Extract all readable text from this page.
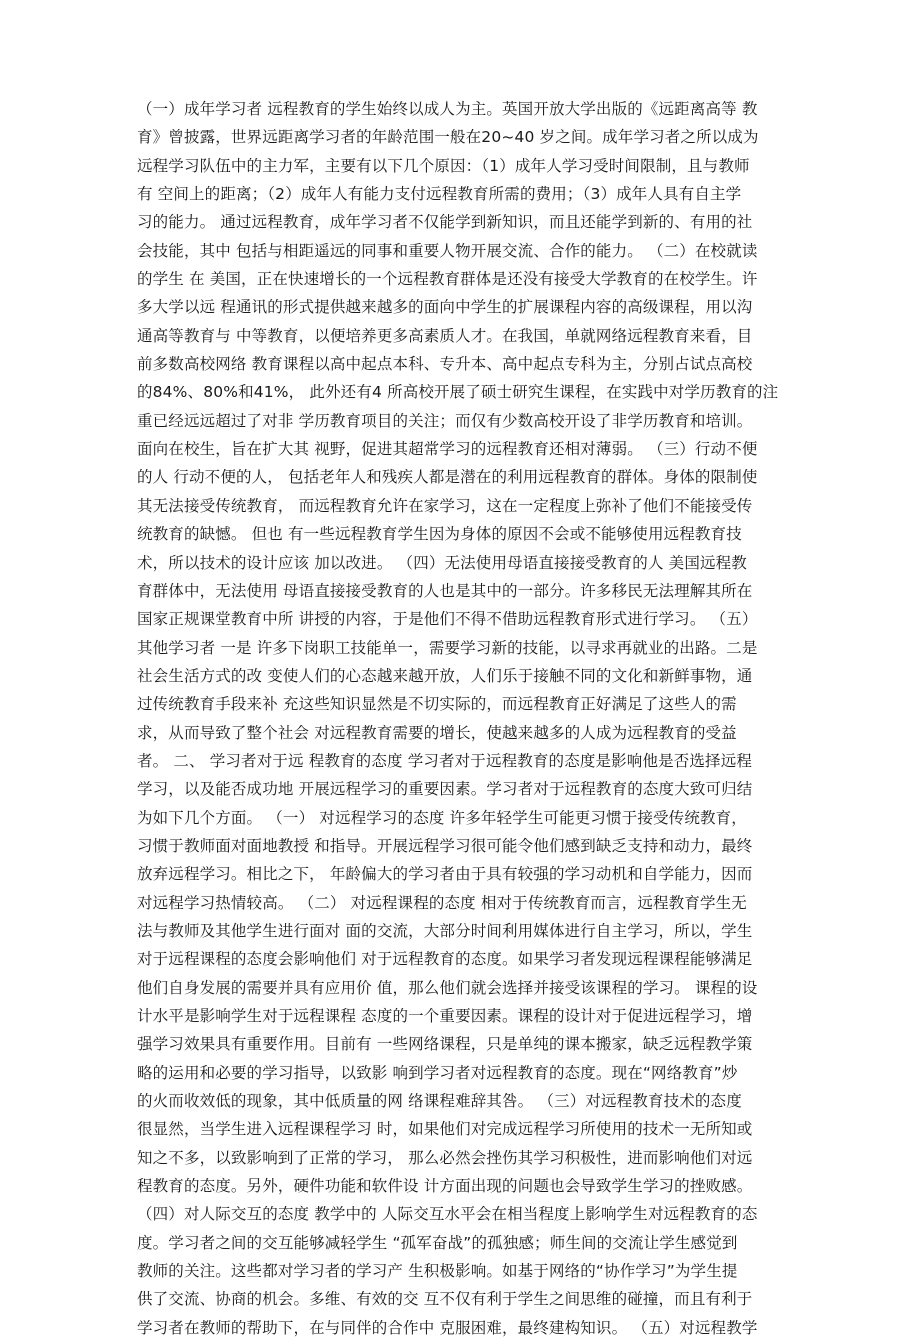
（一）成年学习者 远程教育的学生始终以成人为主。英国开放大学出版的《远距离高等 教
育》曾披露，世界远距离学习者的年龄范围一般在20~40 岁之间。成年学习者之所以成为
远程学习队伍中的主力军，主要有以下几个原因：（1）成年人学习受时间限制，且与教师
有 空间上的距离；（2）成年人有能力支付远程教育所需的费用；（3）成年人具有自主学
习的能力。 通过远程教育，成年学习者不仅能学到新知识，而且还能学到新的、有用的社
会技能，其中 包括与相距遥远的同事和重要人物开展交流、合作的能力。 （二）在校就读
的学生 在 美国，正在快速增长的一个远程教育群体是还没有接受大学教育的在校学生。许
多大学以远 程通讯的形式提供越来越多的面向中学生的扩展课程内容的高级课程，用以沟
通高等教育与 中等教育，以便培养更多高素质人才。在我国，单就网络远程教育来看，目
前多数高校网络 教育课程以高中起点本科、专升本、高中起点专科为主，分别占试点高校
的84%、80%和41%， 此外还有4 所高校开展了硕士研究生课程，在实践中对学历教育的注
重已经远远超过了对非 学历教育项目的关注；而仅有少数高校开设了非学历教育和培训。
面向在校生，旨在扩大其 视野，促进其超常学习的远程教育还相对薄弱。 （三）行动不便
的人 行动不便的人， 包括老年人和残疾人都是潜在的利用远程教育的群体。身体的限制使
其无法接受传统教育， 而远程教育允许在家学习，这在一定程度上弥补了他们不能接受传
统教育的缺憾。 但也 有一些远程教育学生因为身体的原因不会或不能够使用远程教育技
术，所以技术的设计应该 加以改进。 （四）无法使用母语直接接受教育的人 美国远程教
育群体中，无法使用 母语直接接受教育的人也是其中的一部分。许多移民无法理解其所在
国家正规课堂教育中所 讲授的内容，于是他们不得不借助远程教育形式进行学习。 （五）
其他学习者 一是 许多下岗职工技能单一，需要学习新的技能，以寻求再就业的出路。二是
社会生活方式的改 变使人们的心态越来越开放，人们乐于接触不同的文化和新鲜事物，通
过传统教育手段来补 充这些知识显然是不切实际的，而远程教育正好满足了这些人的需
求，从而导致了整个社会 对远程教育需要的增长，使越来越多的人成为远程教育的受益
者。 二、 学习者对于远 程教育的态度 学习者对于远程教育的态度是影响他是否选择远程
学习，以及能否成功地 开展远程学习的重要因素。学习者对于远程教育的态度大致可归结
为如下几个方面。 （一） 对远程学习的态度 许多年轻学生可能更习惯于接受传统教育，
习惯于教师面对面地教授 和指导。开展远程学习很可能令他们感到缺乏支持和动力，最终
放弃远程学习。相比之下， 年龄偏大的学习者由于具有较强的学习动机和自学能力，因而
对远程学习热情较高。 （二） 对远程课程的态度 相对于传统教育而言，远程教育学生无
法与教师及其他学生进行面对 面的交流，大部分时间利用媒体进行自主学习，所以，学生
对于远程课程的态度会影响他们 对于远程教育的态度。如果学习者发现远程课程能够满足
他们自身发展的需要并具有应用价 值，那么他们就会选择并接受该课程的学习。 课程的设
计水平是影响学生对于远程课程 态度的一个重要因素。课程的设计对于促进远程学习，增
强学习效果具有重要作用。目前有 一些网络课程，只是单纯的课本搬家，缺乏远程教学策
略的运用和必要的学习指导，以致影 响到学习者对远程教育的态度。现在“网络教育”炒
的火而收效低的现象，其中低质量的网 络课程难辞其咎。 （三）对远程教育技术的态度
很显然，当学生进入远程课程学习 时，如果他们对完成远程学习所使用的技术一无所知或
知之不多，以致影响到了正常的学习， 那么必然会挫伤其学习积极性，进而影响他们对远
程教育的态度。另外，硬件功能和软件设 计方面出现的问题也会导致学生学习的挫败感。
（四）对人际交互的态度 教学中的 人际交互水平会在相当程度上影响学生对远程教育的态
度。学习者之间的交互能够减轻学生 “孤军奋战”的孤独感；师生间的交流让学生感觉到
教师的关注。这些都对学习者的学习产 生积极影响。如基于网络的“协作学习”为学生提
供了交流、协商的机会。多维、有效的交 互不仅有利于学生之间思维的碰撞，而且有利于
学习者在教师的帮助下，在与同伴的合作中 克服困难，最终建构知识。 （五）对远程教学
